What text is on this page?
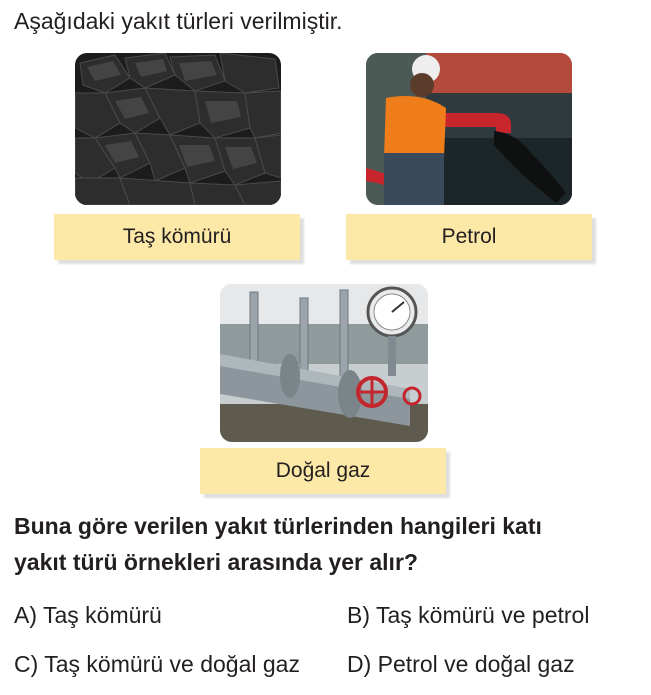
Aşağıdaki yakıt türleri verilmiştir.
Taş kömürü	Petrol
Doğal gaz
Buna göre verilen yakıt türlerinden hangileri katı
yakıt türü örnekleri arasında yer alır?
A) Taş kömürü	B) Taş kömürü ve petrol
C) Taş kömürü ve doğal gaz D) Petrol ve doğal gaz
